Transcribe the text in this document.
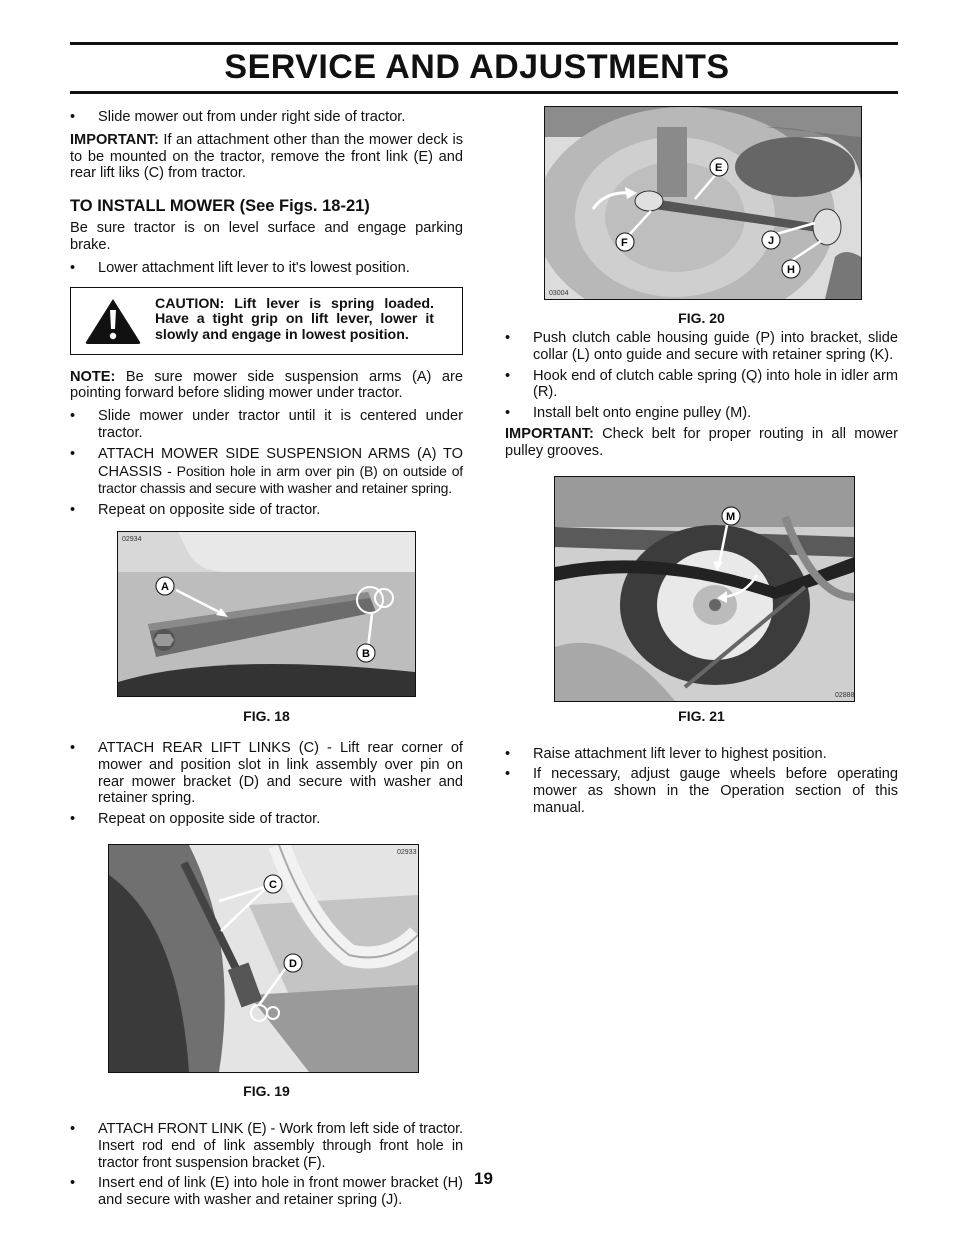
SERVICE AND ADJUSTMENTS
• Slide mower out from under right side of tractor.

IMPORTANT: If an attachment other than the mower deck is to be mounted on the tractor, remove the front link (E) and rear lift liks (C) from tractor.

TO INSTALL MOWER (See Figs. 18-21)

Be sure tractor is on level surface and engage parking brake.

• Lower attachment lift lever to it's lowest position.
CAUTION: Lift lever is spring loaded. Have a tight grip on lift lever, lower it slowly and engage in lowest position.

NOTE: Be sure mower side suspension arms (A) are pointing forward before sliding mower under tractor.

• Slide mower under tractor until it is centered under tractor.
• ATTACH MOWER SIDE SUSPENSION ARMS (A) TO CHASSIS - Position hole in arm over pin (B) on outside of tractor chassis and secure with washer and retainer spring.
• Repeat on opposite side of tractor.
A
B
02934

FIG. 18

• ATTACH REAR LIFT LINKS (C) - Lift rear corner of mower and position slot in link assembly over pin on rear mower bracket (D) and secure with washer and retainer spring.
• Repeat on opposite side of tractor.
C
D
02933

FIG. 19

• ATTACH FRONT LINK (E) - Work from left side of tractor. Insert rod end of link assembly through front hole in tractor front suspension bracket (F).
• Insert end of link (E) into hole in front mower bracket (H) and secure with washer and retainer spring (J).
E
F	J
H
03004

FIG. 20

• Push clutch cable housing guide (P) into bracket, slide collar (L) onto guide and secure with retainer spring (K).
• Hook end of clutch cable spring (Q) into hole in idler arm (R).
• Install belt onto engine pulley (M).

IMPORTANT: Check belt for proper routing in all mower pulley grooves.

M
02888

FIG. 21

• Raise attachment lift lever to highest position.
• If necessary, adjust gauge wheels before operating mower as shown in the Operation section of this manual.
19
